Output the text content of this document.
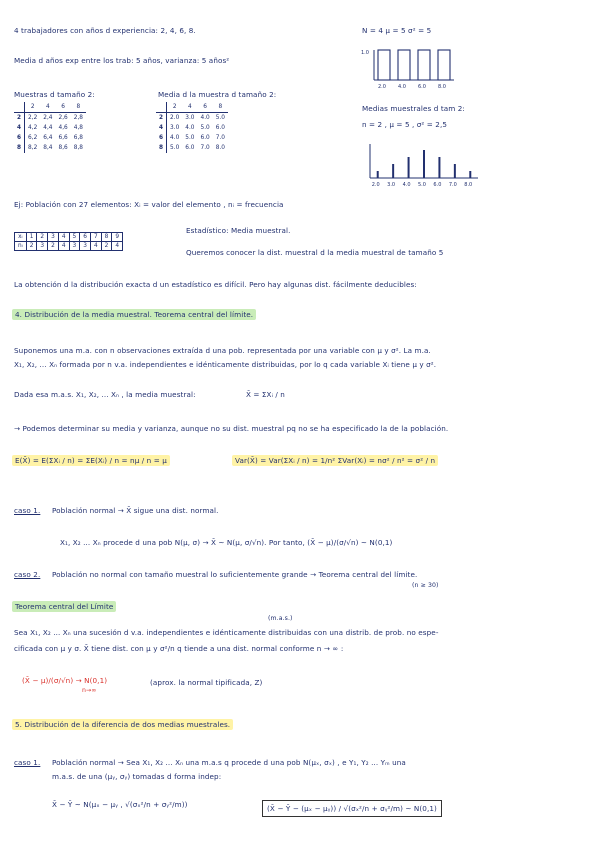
4 trabajadores con años d experiencia: 2, 4, 6, 8.
Media d años exp entre los trab: 5 años, varianza: 5 años²
N = 4 μ = 5 σ² = 5
Muestras d tamaño 2:	Media d la muestra d tamaño 2:
	2	4	6	8
2	2,2	2,4	2,6	2,8
4	4,2	4,4	4,6	4,8
6	6,2	6,4	6,6	6,8
8	8,2	8,4	8,6	8,8
	2	4	6	8
2	2.0	3.0	4.0	5.0
4	3.0	4.0	5.0	6.0
6	4.0	5.0	6.0	7.0
8	5.0	6.0	7.0	8.0
1.0
2.0 4.0 6.0 8.0
Medias muestrales d tam 2:
n = 2 , μ = 5 , σ² = 2,5
2.0 3.0 4.0 5.0 6.0 7.0 8.0
Ej: Población con 27 elementos: Xᵢ = valor del elemento , nᵢ = frecuencia
xᵢ	1	2	3	4	5	6	7	8	9
nᵢ	2	3	2	4	3	3	4	2	4
Estadístico: Media muestral.
Queremos conocer la dist. muestral d la media muestral de tamaño 5
La obtención d la distribución exacta d un estadístico es difícil. Pero hay algunas dist. fácilmente deducibles:
4. Distribución de la media muestral. Teorema central del límite.
Suponemos una m.a. con n observaciones extraída d una pob. representada por una variable con μ y σ². La m.a.
X₁, X₂, ... Xₙ formada por n v.a. independientes e idénticamente distribuidas, por lo q cada variable Xᵢ tiene μ y σ².
Dada esa m.a.s. X₁, X₂, ... Xₙ , la media muestral:	X̄ = ΣXᵢ / n
→ Podemos determinar su media y varianza, aunque no su dist. muestral pq no se ha especificado la de la población.
E(X̄) = E(ΣXᵢ / n) = ΣE(Xᵢ) / n = nμ / n = μ	Var(X̄) = Var(ΣXᵢ / n) = 1/n² ΣVar(Xᵢ) = nσ² / n² = σ² / n
caso 1. Población normal → X̄ sigue una dist. normal.
X₁, X₂ ... Xₙ procede d una pob N(μ, σ) → X̄ ~ N(μ, σ/√n). Por tanto, (X̄ − μ)/(σ/√n) ~ N(0,1)
caso 2. Población no normal con tamaño muestral lo suficientemente grande → Teorema central del límite.
(n ≥ 30)
Teorema central del Límite
(m.a.s.)
Sea X₁, X₂ ... Xₙ una sucesión d v.a. independientes e idénticamente distribuidas con una distrib. de prob. no espe-
cificada con μ y σ. X̄ tiene dist. con μ y σ²/n q tiende a una dist. normal conforme n → ∞ :
(X̄ − μ)/(σ/√n) → N(0,1)
n→∞
(aprox. la normal tipificada, Z)
5. Distribución de la diferencia de dos medias muestrales.
caso 1. Población normal → Sea X₁, X₂ ... Xₙ una m.a.s q procede d una pob N(μₓ, σₓ) , e Y₁, Y₂ ... Yₘ una
m.a.s. de una (μᵧ, σᵧ) tomadas d forma indep:
X̄ − Ȳ ~ N(μₓ − μᵧ , √(σₓ²/n + σᵧ²/m))	(X̄ − Ȳ − (μₓ − μᵧ)) / √(σₓ²/n + σᵧ²/m) ~ N(0,1)
